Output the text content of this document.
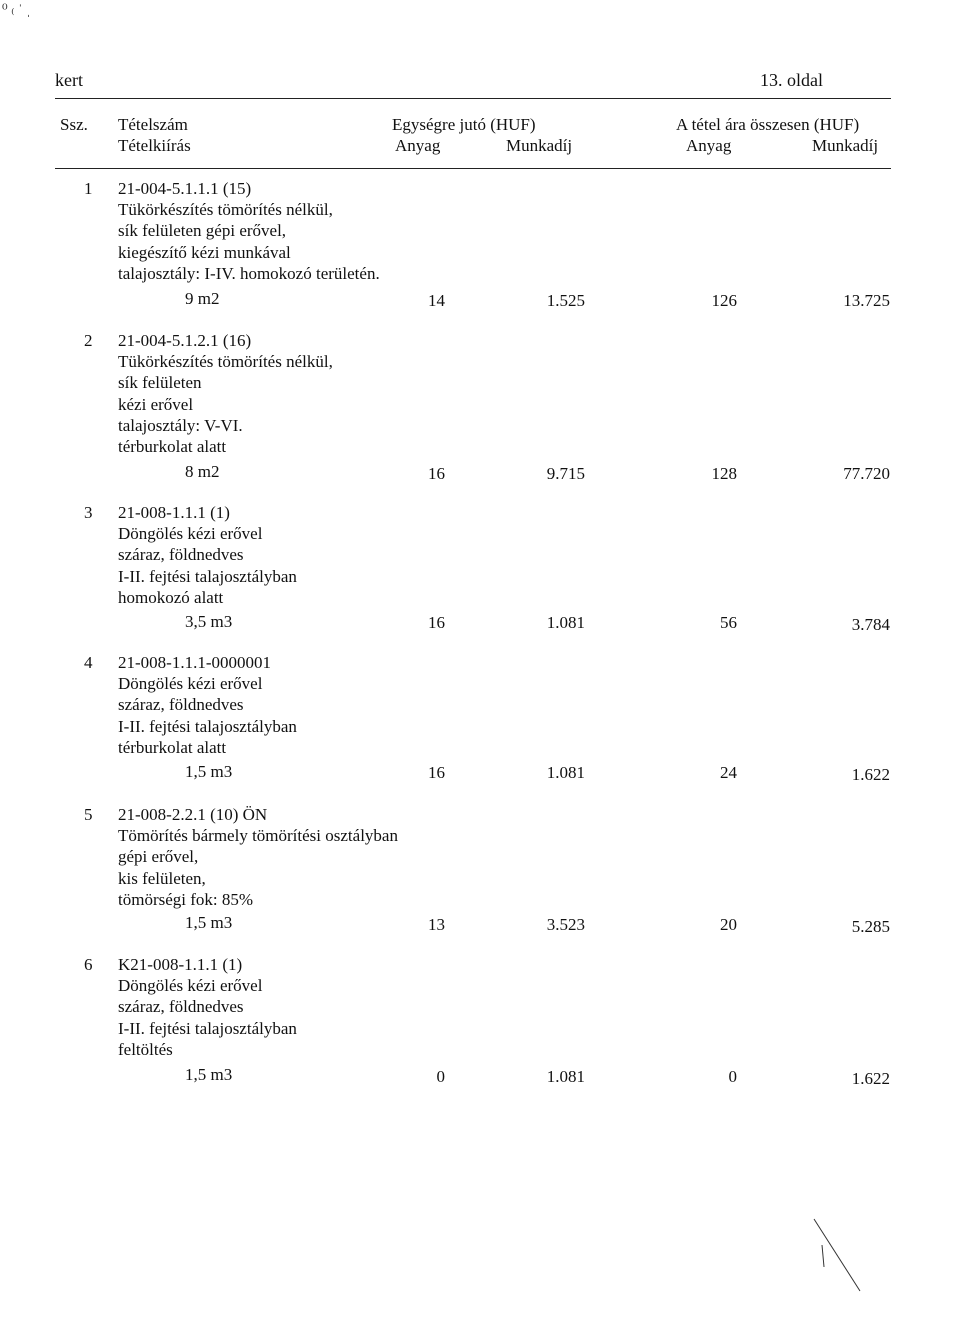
⁰ ₍ ˈ ˌ
kert	13. oldal
Ssz. Tételszám
Tételkiírás
Egységre jutó (HUF)
Anyag	Munkadíj
A tétel ára összesen (HUF)
Anyag	Munkadíj
1 21-004-5.1.1.1 (15)
Tükörkészítés tömörítés nélkül,
sík felületen gépi erővel,
kiegészítő kézi munkával
talajosztály: I-IV. homokozó területén.
9 m2	14	1.525	126	13.725
2 21-004-5.1.2.1 (16)
Tükörkészítés tömörítés nélkül,
sík felületen
kézi erővel
talajosztály: V-VI.
térburkolat alatt
8 m2	16	9.715	128	77.720
3 21-008-1.1.1 (1)
Döngölés kézi erővel
száraz, földnedves
I-II. fejtési talajosztályban
homokozó alatt
3,5 m3	16	1.081	56	3.784
4 21-008-1.1.1-0000001
Döngölés kézi erővel
száraz, földnedves
I-II. fejtési talajosztályban
térburkolat alatt
1,5 m3	16	1.081	24	1.622
5 21-008-2.2.1 (10) ÖN
Tömörítés bármely tömörítési osztályban
gépi erővel,
kis felületen,
tömörségi fok: 85%
1,5 m3	13	3.523	20	5.285
6 K21-008-1.1.1 (1)
Döngölés kézi erővel
száraz, földnedves
I-II. fejtési talajosztályban
feltöltés
1,5 m3	0	1.081	0	1.622
